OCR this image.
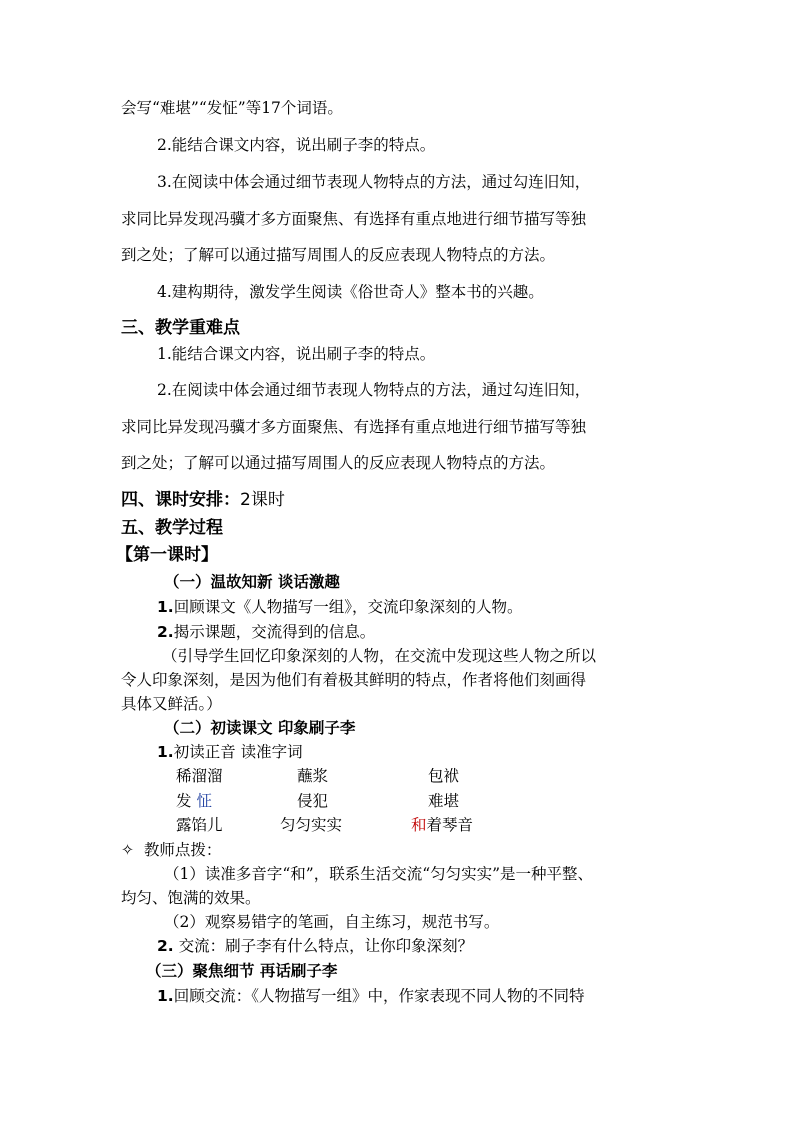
会写“难堪”“发怔”等17个词语。
2.能结合课文内容，说出刷子李的特点。
3.在阅读中体会通过细节表现人物特点的方法，通过勾连旧知，
求同比异发现冯骥才多方面聚焦、有选择有重点地进行细节描写等独
到之处；了解可以通过描写周围人的反应表现人物特点的方法。
4.建构期待，激发学生阅读《俗世奇人》整本书的兴趣。
三、教学重难点
1.能结合课文内容，说出刷子李的特点。
2.在阅读中体会通过细节表现人物特点的方法，通过勾连旧知，
求同比异发现冯骥才多方面聚焦、有选择有重点地进行细节描写等独
到之处；了解可以通过描写周围人的反应表现人物特点的方法。
四、课时安排：2课时
五、教学过程
【第一课时】
（一）温故知新 谈话激趣
1.回顾课文《人物描写一组》，交流印象深刻的人物。
2.揭示课题，交流得到的信息。
（引导学生回忆印象深刻的人物，在交流中发现这些人物之所以
令人印象深刻，是因为他们有着极其鲜明的特点，作者将他们刻画得
具体又鲜活。）
（二）初读课文 印象刷子李
1.初读正音 读准字词
稀溜溜	蘸浆	包袱
发 怔	侵犯	难堪
露馅儿	匀匀实实	和着琴音
✧ 教师点拨：
（1）读准多音字“和”，联系生活交流“匀匀实实”是一种平整、
均匀、饱满的效果。
（2）观察易错字的笔画，自主练习，规范书写。
2. 交流：刷子李有什么特点，让你印象深刻？
（三）聚焦细节 再话刷子李
1.回顾交流：《人物描写一组》中，作家表现不同人物的不同特
